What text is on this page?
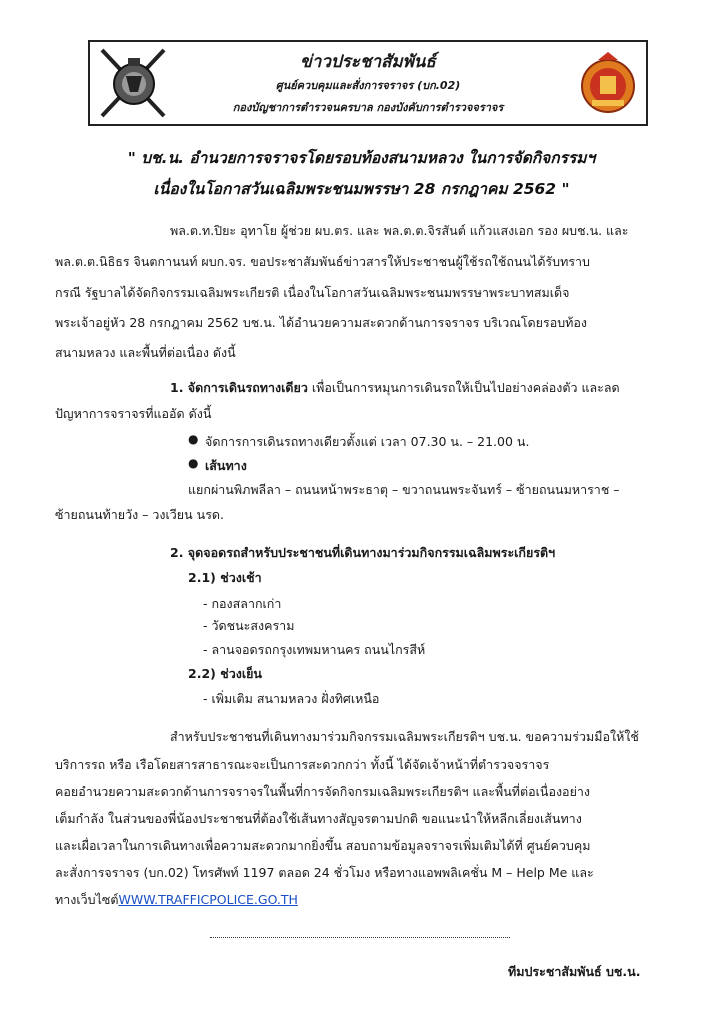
ข่าวประชาสัมพันธ์
ศูนย์ควบคุมและสั่งการจราจร (บก.02)
กองบัญชาการตำรวจนครบาล กองบังคับการตำรวจจราจร
" บช.น. อำนวยการจราจรโดยรอบท้องสนามหลวง ในการจัดกิจกรรมฯ
เนื่องในโอกาสวันเฉลิมพระชนมพรรษา 28 กรกฎาคม 2562 "
พล.ต.ท.ปิยะ อุทาโย ผู้ช่วย ผบ.ตร. และ พล.ต.ต.จิรสันต์ แก้วแสงเอก รอง ผบช.น. และ
พล.ต.ต.นิธิธร จินตกานนท์ ผบก.จร. ขอประชาสัมพันธ์ข่าวสารให้ประชาชนผู้ใช้รถใช้ถนนได้รับทราบ
กรณี รัฐบาลได้จัดกิจกรรมเฉลิมพระเกียรติ เนื่องในโอกาสวันเฉลิมพระชนมพรรษาพระบาทสมเด็จ
พระเจ้าอยู่หัว 28 กรกฎาคม 2562 บช.น. ได้อำนวยความสะดวกด้านการจราจร บริเวณโดยรอบท้อง
สนามหลวง และพื้นที่ต่อเนื่อง ดังนี้
1. จัดการเดินรถทางเดียว เพื่อเป็นการหมุนการเดินรถให้เป็นไปอย่างคล่องตัว และลด
ปัญหาการจราจรที่แออัด ดังนี้
● จัดการการเดินรถทางเดียวตั้งแต่ เวลา 07.30 น. – 21.00 น.
● เส้นทาง
แยกผ่านพิภพลีลา – ถนนหน้าพระธาตุ – ขวาถนนพระจันทร์ – ซ้ายถนนมหาราช –
ซ้ายถนนท้ายวัง – วงเวียน นรด.
2. จุดจอดรถสำหรับประชาชนที่เดินทางมาร่วมกิจกรรมเฉลิมพระเกียรติฯ
2.1) ช่วงเช้า
- กองสลากเก่า
- วัดชนะสงคราม
- ลานจอดรถกรุงเทพมหานคร ถนนไกรสีห์
2.2) ช่วงเย็น
- เพิ่มเติม สนามหลวง ฝั่งทิศเหนือ
สำหรับประชาชนที่เดินทางมาร่วมกิจกรรมเฉลิมพระเกียรติฯ บช.น. ขอความร่วมมือให้ใช้
บริการรถ หรือ เรือโดยสารสาธารณะจะเป็นการสะดวกกว่า ทั้งนี้ ได้จัดเจ้าหน้าที่ตำรวจจราจร
คอยอำนวยความสะดวกด้านการจราจรในพื้นที่การจัดกิจกรมเฉลิมพระเกียรติฯ และพื้นที่ต่อเนื่องอย่าง
เต็มกำลัง ในส่วนของพี่น้องประชาชนที่ต้องใช้เส้นทางสัญจรตามปกติ ขอแนะนำให้หลีกเลี่ยงเส้นทาง
และเผื่อเวลาในการเดินทางเพื่อความสะดวกมากยิ่งขึ้น สอบถามข้อมูลจราจรเพิ่มเติมได้ที่ ศูนย์ควบคุม
ละสั่งการจราจร (บก.02) โทรศัพท์ 1197 ตลอด 24 ชั่วโมง หรือทางแอพพลิเคชั่น M – Help Me และ
ทางเว็บไซต์WWW.TRAFFICPOLICE.GO.TH
ทีมประชาสัมพันธ์ บช.น.
